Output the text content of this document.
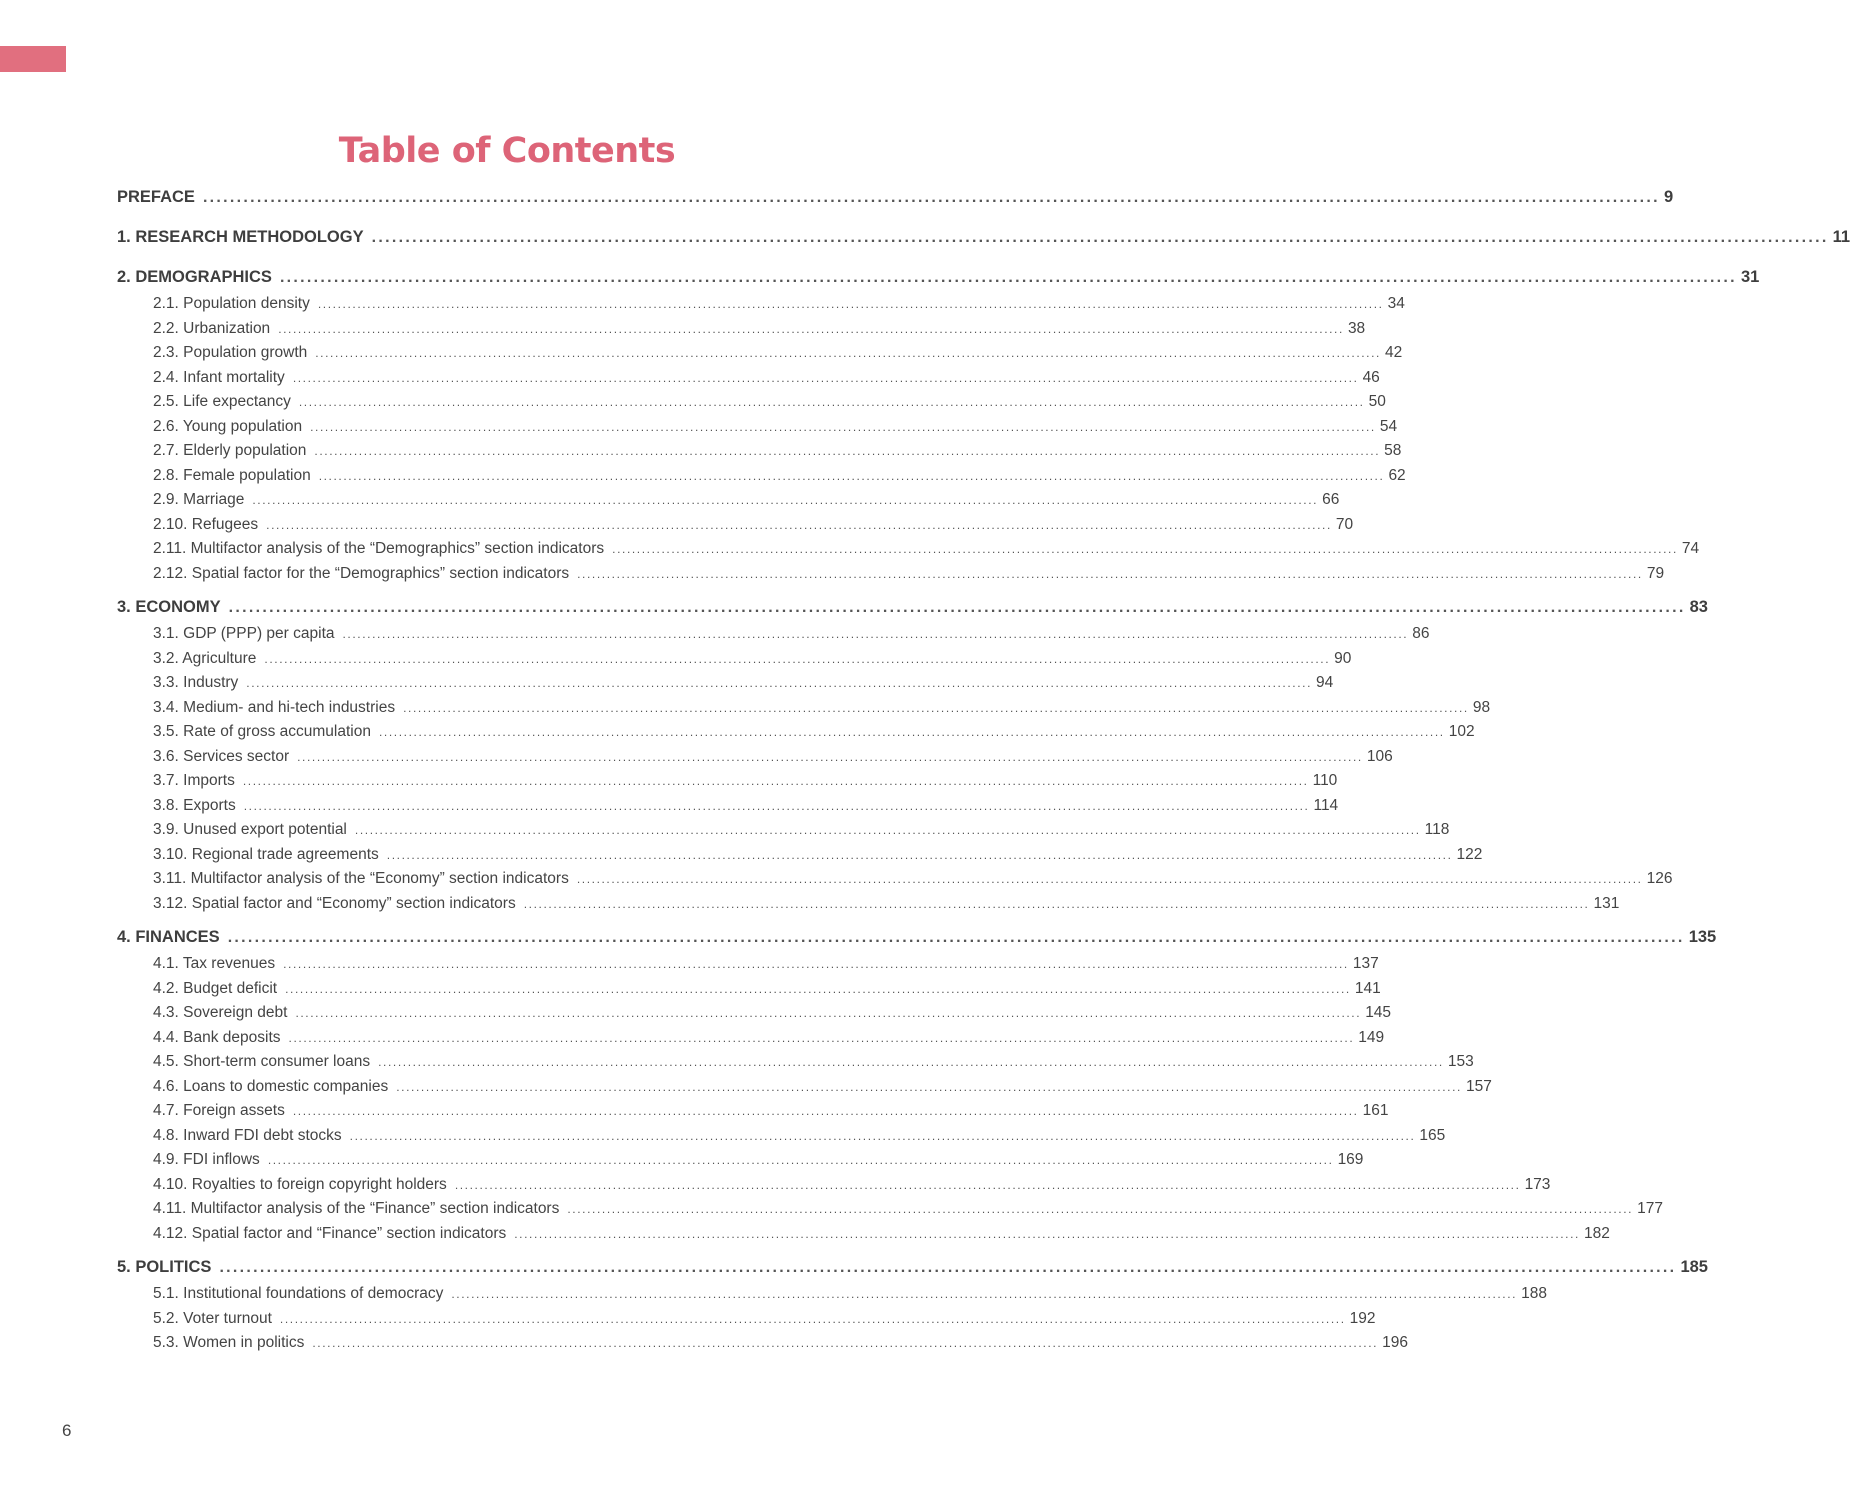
Table of Contents
PREFACE ........................................................................................................................................................................................................................ 9
1. RESEARCH METHODOLOGY ........................................................................................................................................................................................................................ 11
2. DEMOGRAPHICS ........................................................................................................................................................................................................................ 31
2.1. Population density ........................................................................................................................................................................................................................ 34
2.2. Urbanization ........................................................................................................................................................................................................................ 38
2.3. Population growth ........................................................................................................................................................................................................................ 42
2.4. Infant mortality ........................................................................................................................................................................................................................ 46
2.5. Life expectancy ........................................................................................................................................................................................................................ 50
2.6. Young population ........................................................................................................................................................................................................................ 54
2.7. Elderly population ........................................................................................................................................................................................................................ 58
2.8. Female population ........................................................................................................................................................................................................................ 62
2.9. Marriage ........................................................................................................................................................................................................................ 66
2.10. Refugees ........................................................................................................................................................................................................................ 70
2.11. Multifactor analysis of the “Demographics” section indicators ........................................................................................................................................................................................................................ 74
2.12. Spatial factor for the “Demographics” section indicators ........................................................................................................................................................................................................................ 79
3. ECONOMY ........................................................................................................................................................................................................................ 83
3.1. GDP (PPP) per capita ........................................................................................................................................................................................................................ 86
3.2. Agriculture ........................................................................................................................................................................................................................ 90
3.3. Industry ........................................................................................................................................................................................................................ 94
3.4. Medium- and hi-tech industries ........................................................................................................................................................................................................................ 98
3.5. Rate of gross accumulation ........................................................................................................................................................................................................................ 102
3.6. Services sector ........................................................................................................................................................................................................................ 106
3.7. Imports ........................................................................................................................................................................................................................ 110
3.8. Exports ........................................................................................................................................................................................................................ 114
3.9. Unused export potential ........................................................................................................................................................................................................................ 118
3.10. Regional trade agreements ........................................................................................................................................................................................................................ 122
3.11. Multifactor analysis of the “Economy” section indicators ........................................................................................................................................................................................................................ 126
3.12. Spatial factor and “Economy” section indicators ........................................................................................................................................................................................................................ 131
4. FINANCES ........................................................................................................................................................................................................................ 135
4.1. Tax revenues ........................................................................................................................................................................................................................ 137
4.2. Budget deficit ........................................................................................................................................................................................................................ 141
4.3. Sovereign debt ........................................................................................................................................................................................................................ 145
4.4. Bank deposits ........................................................................................................................................................................................................................ 149
4.5. Short-term consumer loans ........................................................................................................................................................................................................................ 153
4.6. Loans to domestic companies ........................................................................................................................................................................................................................ 157
4.7. Foreign assets ........................................................................................................................................................................................................................ 161
4.8. Inward FDI debt stocks ........................................................................................................................................................................................................................ 165
4.9. FDI inflows ........................................................................................................................................................................................................................ 169
4.10. Royalties to foreign copyright holders ........................................................................................................................................................................................................................ 173
4.11. Multifactor analysis of the “Finance” section indicators ........................................................................................................................................................................................................................ 177
4.12. Spatial factor and “Finance” section indicators ........................................................................................................................................................................................................................ 182
5. POLITICS ........................................................................................................................................................................................................................ 185
5.1. Institutional foundations of democracy ........................................................................................................................................................................................................................ 188
5.2. Voter turnout ........................................................................................................................................................................................................................ 192
5.3. Women in politics ........................................................................................................................................................................................................................ 196
6
